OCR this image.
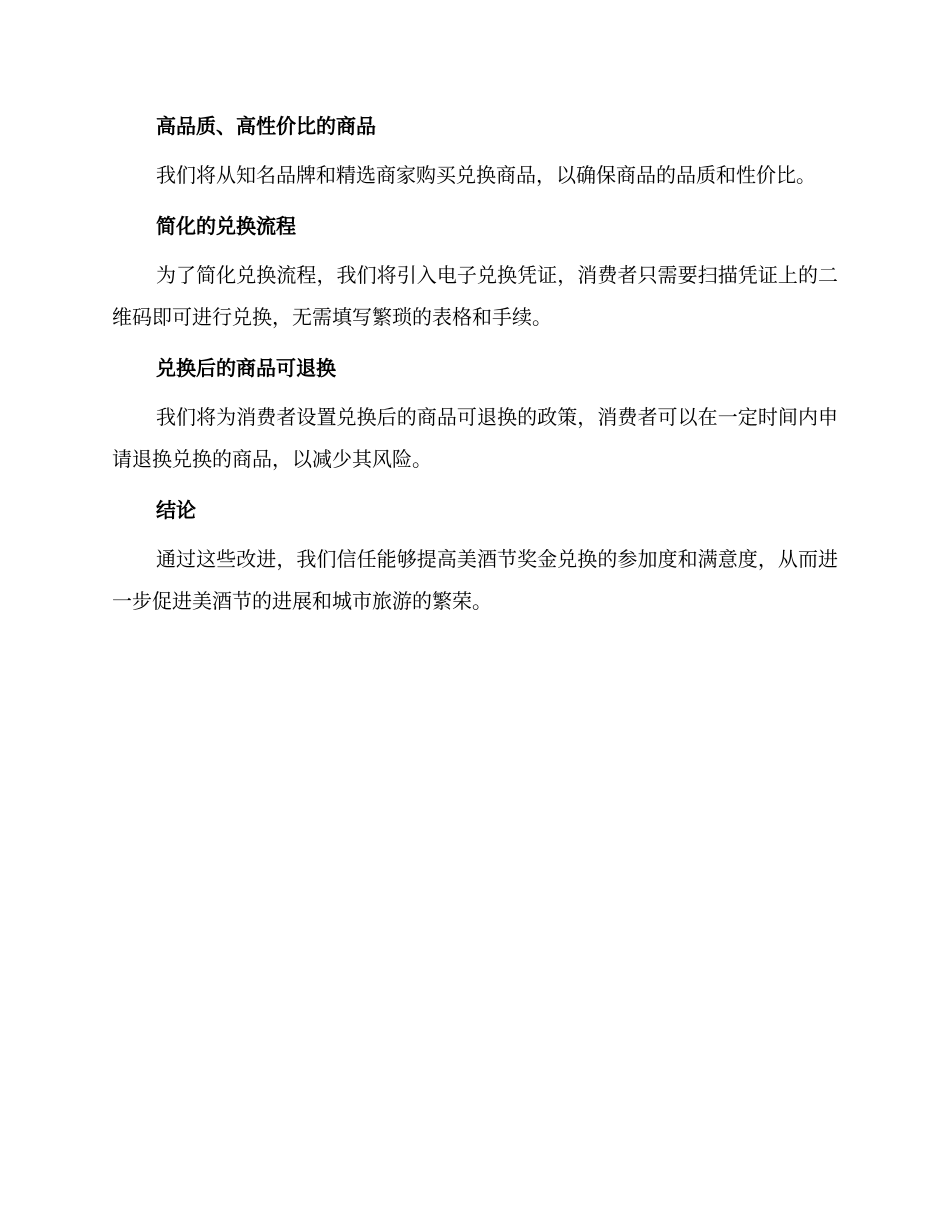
高品质、高性价比的商品

我们将从知名品牌和精选商家购买兑换商品，以确保商品的品质和性价比。

简化的兑换流程

为了简化兑换流程，我们将引入电子兑换凭证，消费者只需要扫描凭证上的二维码即可进行兑换，无需填写繁琐的表格和手续。

兑换后的商品可退换

我们将为消费者设置兑换后的商品可退换的政策，消费者可以在一定时间内申请退换兑换的商品，以减少其风险。

结论

通过这些改进，我们信任能够提高美酒节奖金兑换的参加度和满意度，从而进一步促进美酒节的进展和城市旅游的繁荣。
